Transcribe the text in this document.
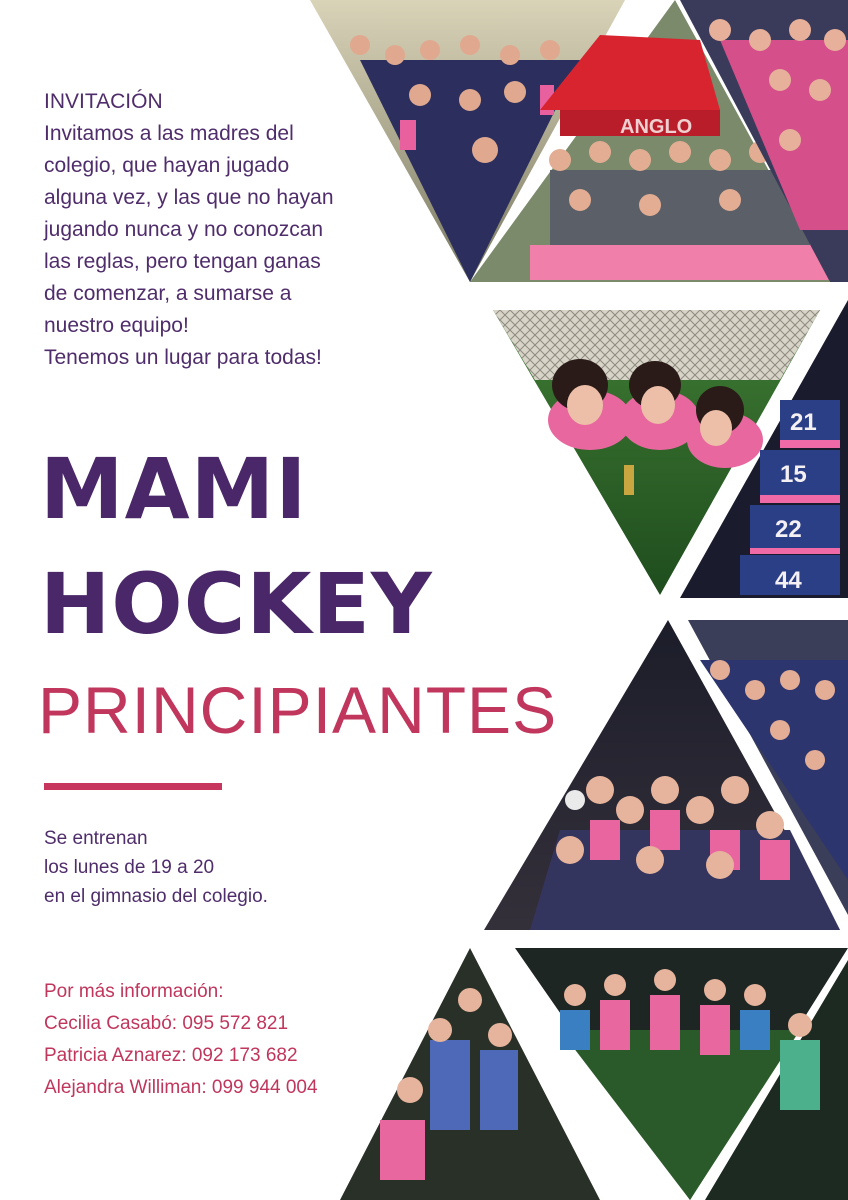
ANGLO
21
15
22
44
INVITACIÓN
Invitamos a las madres del
colegio, que hayan jugado
alguna vez, y las que no hayan
jugando nunca y no conozcan
las reglas, pero tengan ganas
de comenzar, a sumarse a
nuestro equipo!
Tenemos un lugar para todas!
MAMI
HOCKEY
PRINCIPIANTES
Se entrenan
los lunes de 19 a 20
en el gimnasio del colegio.
Por más información:
Cecilia Casabó: 095 572 821
Patricia Aznarez: 092 173 682
Alejandra Williman: 099 944 004
